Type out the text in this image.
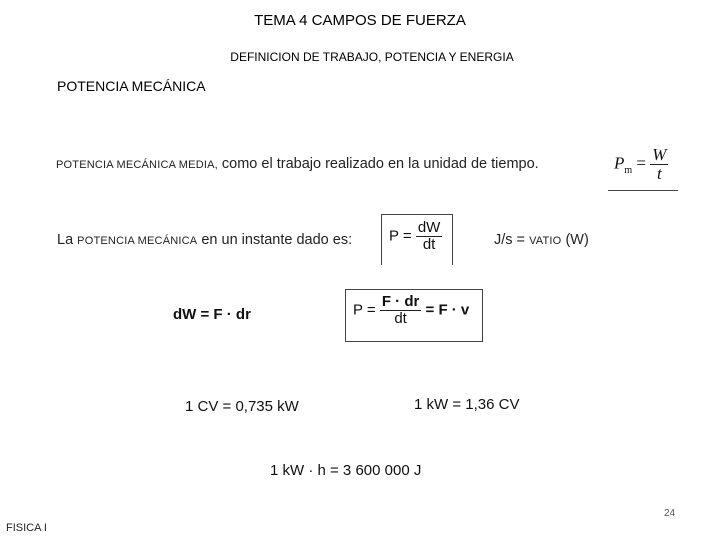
TEMA 4 CAMPOS DE FUERZA
DEFINICION DE TRABAJO, POTENCIA Y ENERGIA
POTENCIA MECÁNICA
POTENCIA MECÁNICA MEDIA, como el trabajo realizado en la unidad de tiempo.	$P_m = \frac{W}{t}$
La POTENCIA MECÁNICA en un instante dado es: $P = \frac{dW}{dt}$	J/s = VATIO (W)
dW = F · dr	$P = \frac{F \cdot dr}{dt} = F \cdot v$
1 CV = 0,735 kW	1 kW = 1,36 CV
1 kW · h = 3 600 000 J
24
FISICA I
